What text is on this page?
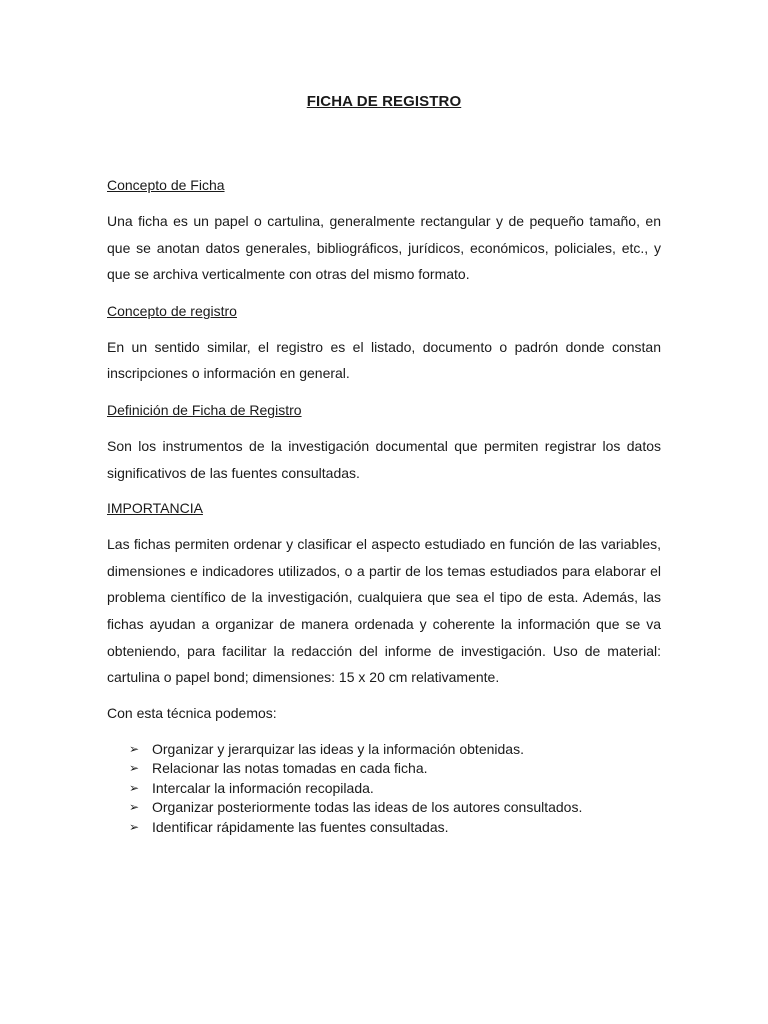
FICHA DE REGISTRO

Concepto de Ficha

Una ficha es un papel o cartulina, generalmente rectangular y de pequeño tamaño, en que se anotan datos generales, bibliográficos, jurídicos, económicos, policiales, etc., y que se archiva verticalmente con otras del mismo formato.

Concepto de registro

En un sentido similar, el registro es el listado, documento o padrón donde constan inscripciones o información en general.

Definición de Ficha de Registro

Son los instrumentos de la investigación documental que permiten registrar los datos significativos de las fuentes consultadas.

IMPORTANCIA

Las fichas permiten ordenar y clasificar el aspecto estudiado en función de las variables, dimensiones e indicadores utilizados, o a partir de los temas estudiados para elaborar el problema científico de la investigación, cualquiera que sea el tipo de esta. Además, las fichas ayudan a organizar de manera ordenada y coherente la información que se va obteniendo, para facilitar la redacción del informe de investigación. Uso de material: cartulina o papel bond; dimensiones: 15 x 20 cm relativamente.

Con esta técnica podemos:

➢ Organizar y jerarquizar las ideas y la información obtenidas.
➢ Relacionar las notas tomadas en cada ficha.
➢ Intercalar la información recopilada.
➢ Organizar posteriormente todas las ideas de los autores consultados.
➢ Identificar rápidamente las fuentes consultadas.
